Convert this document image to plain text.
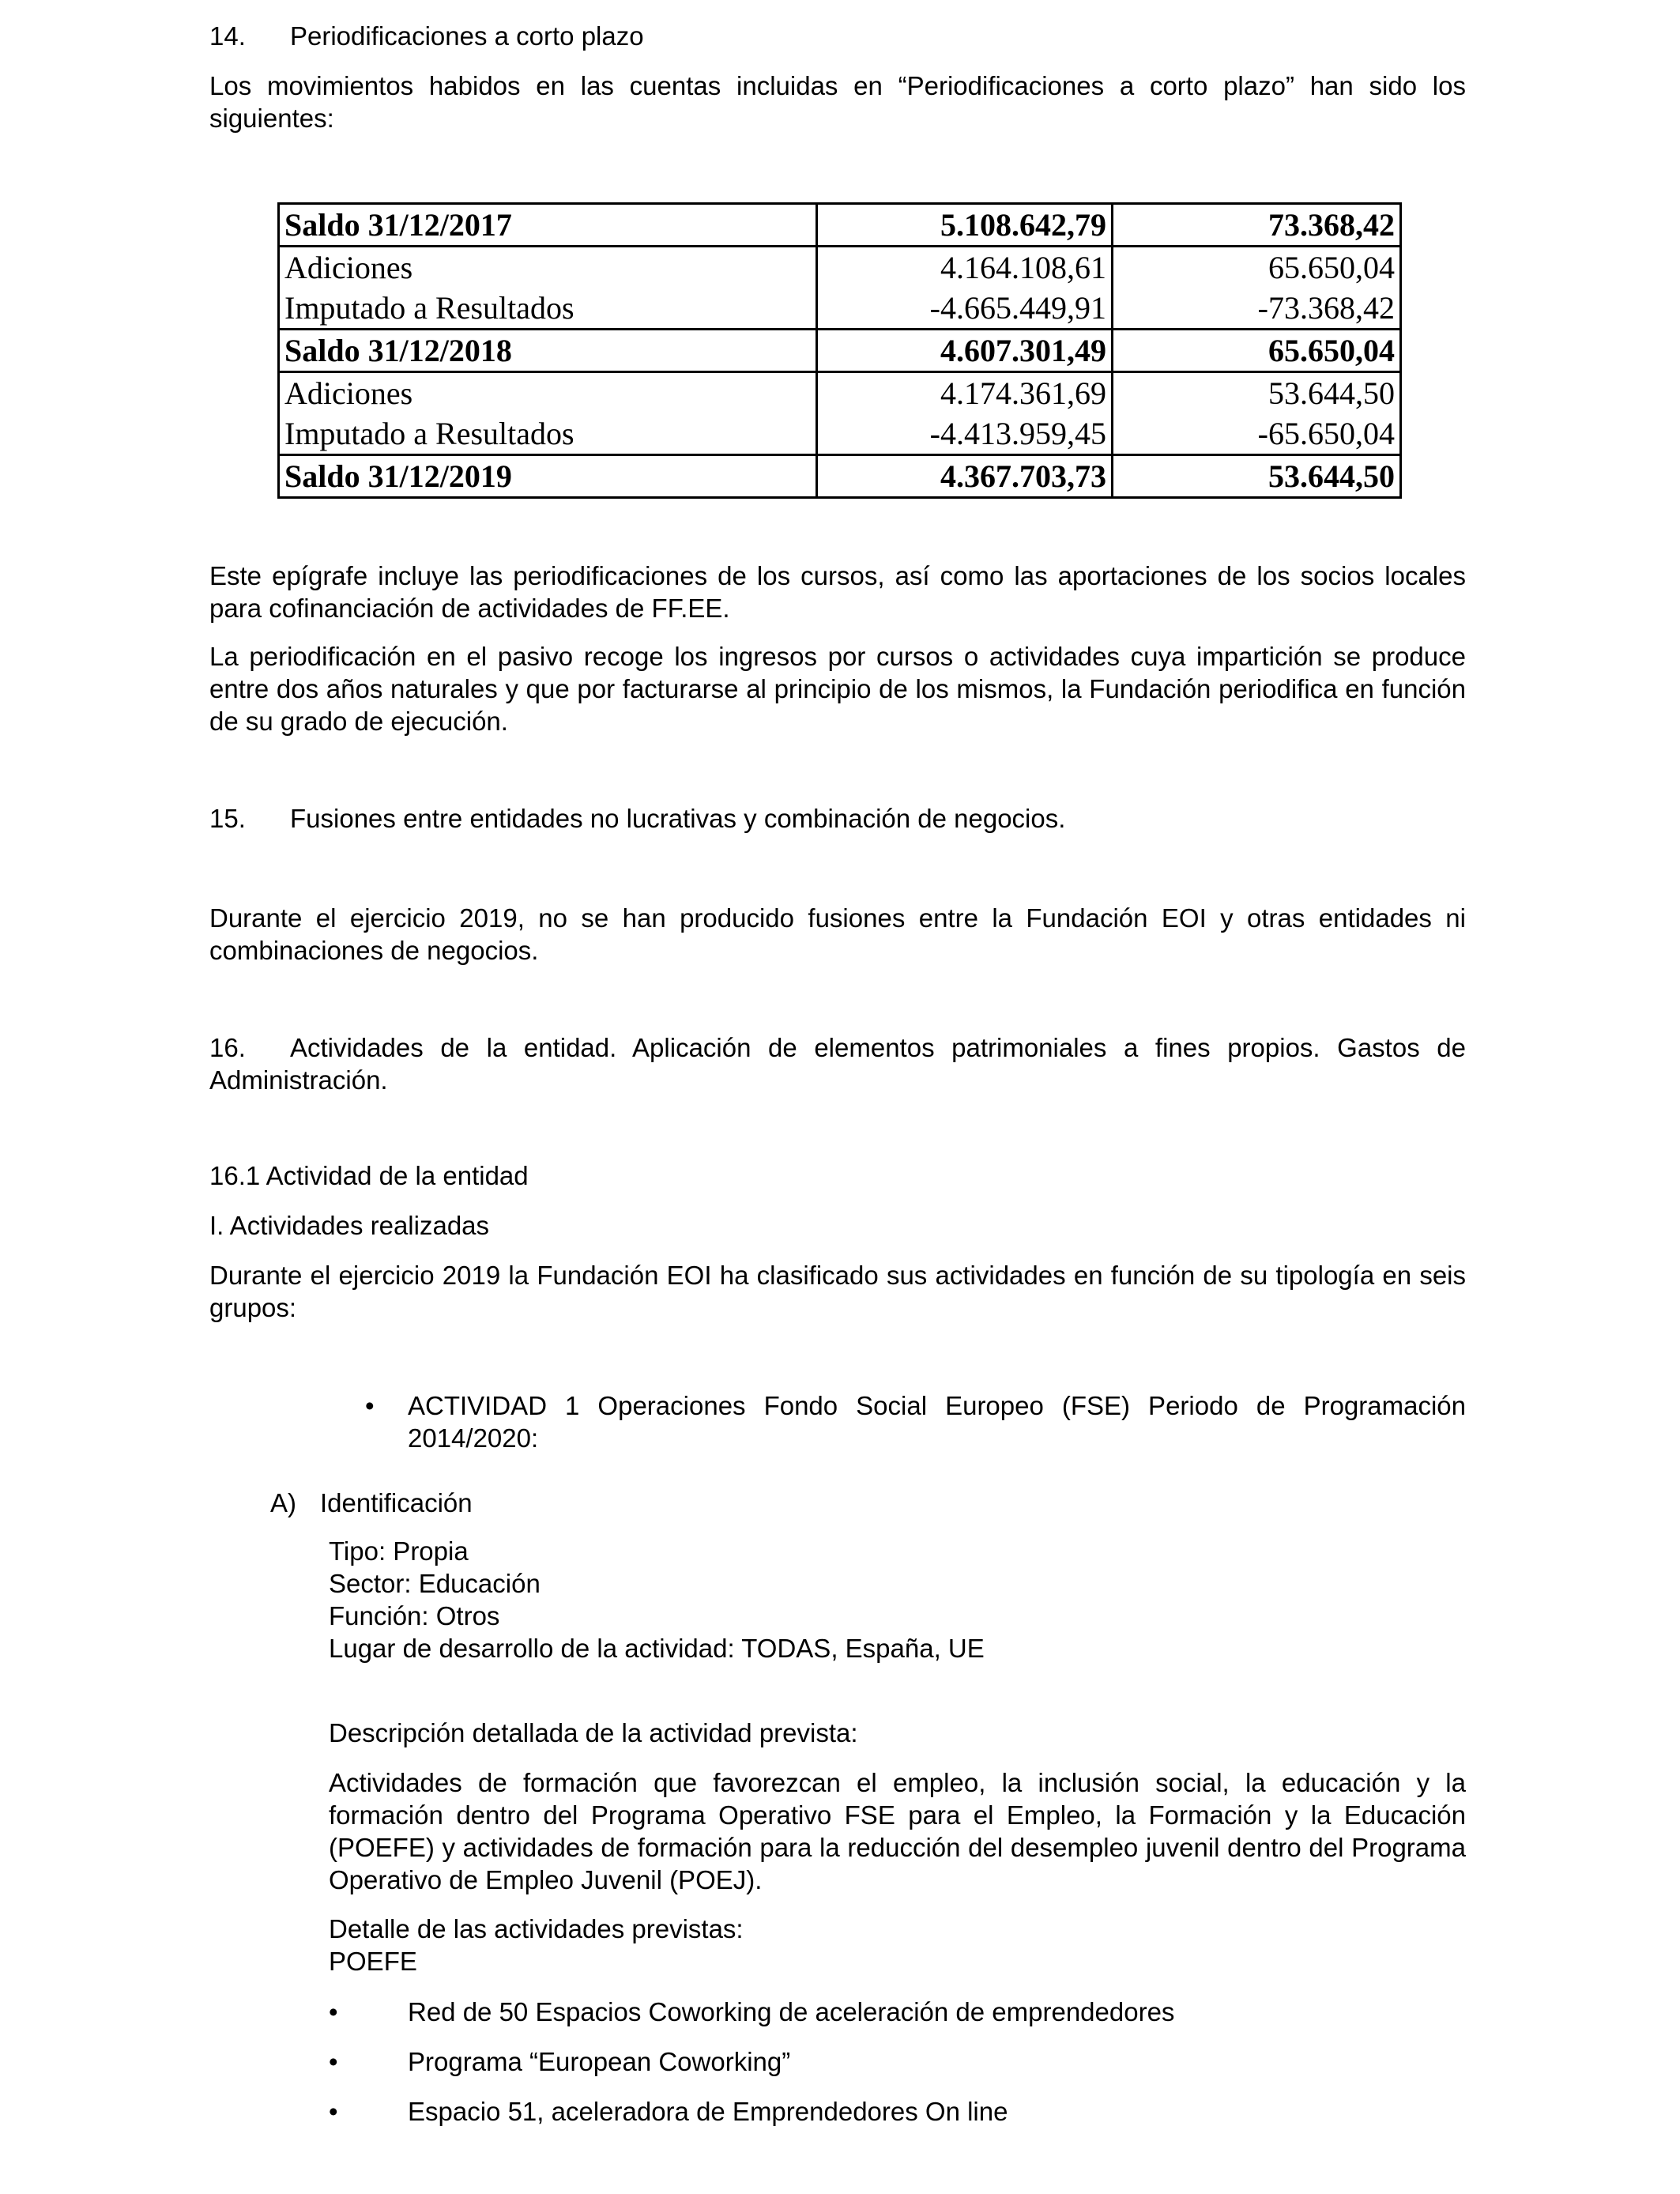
14. Periodificaciones a corto plazo
Los movimientos habidos en las cuentas incluidas en “Periodificaciones a corto plazo” han sido los siguientes:
Saldo 31/12/2017	5.108.642,79	73.368,42
Adiciones	4.164.108,61	65.650,04
Imputado a Resultados	-4.665.449,91	-73.368,42
Saldo 31/12/2018	4.607.301,49	65.650,04
Adiciones	4.174.361,69	53.644,50
Imputado a Resultados	-4.413.959,45	-65.650,04
Saldo 31/12/2019	4.367.703,73	53.644,50
Este epígrafe incluye las periodificaciones de los cursos, así como las aportaciones de los socios locales para cofinanciación de actividades de FF.EE.
La periodificación en el pasivo recoge los ingresos por cursos o actividades cuya impartición se produce entre dos años naturales y que por facturarse al principio de los mismos, la Fundación periodifica en función de su grado de ejecución.
15. Fusiones entre entidades no lucrativas y combinación de negocios.
Durante el ejercicio 2019, no se han producido fusiones entre la Fundación EOI y otras entidades ni combinaciones de negocios.
16. Actividades de la entidad. Aplicación de elementos patrimoniales a fines propios. Gastos de Administración.
16.1 Actividad de la entidad
I. Actividades realizadas
Durante el ejercicio 2019 la Fundación EOI ha clasificado sus actividades en función de su tipología en seis grupos:
• ACTIVIDAD 1 Operaciones Fondo Social Europeo (FSE) Periodo de Programación 2014/2020:
A) Identificación
Tipo: Propia
Sector: Educación
Función: Otros
Lugar de desarrollo de la actividad: TODAS, España, UE
Descripción detallada de la actividad prevista:
Actividades de formación que favorezcan el empleo, la inclusión social, la educación y la formación dentro del Programa Operativo FSE para el Empleo, la Formación y la Educación (POEFE) y actividades de formación para la reducción del desempleo juvenil dentro del Programa Operativo de Empleo Juvenil (POEJ).
Detalle de las actividades previstas:
POEFE
•	Red de 50 Espacios Coworking de aceleración de emprendedores
•	Programa “European Coworking”
•	Espacio 51, aceleradora de Emprendedores On line
